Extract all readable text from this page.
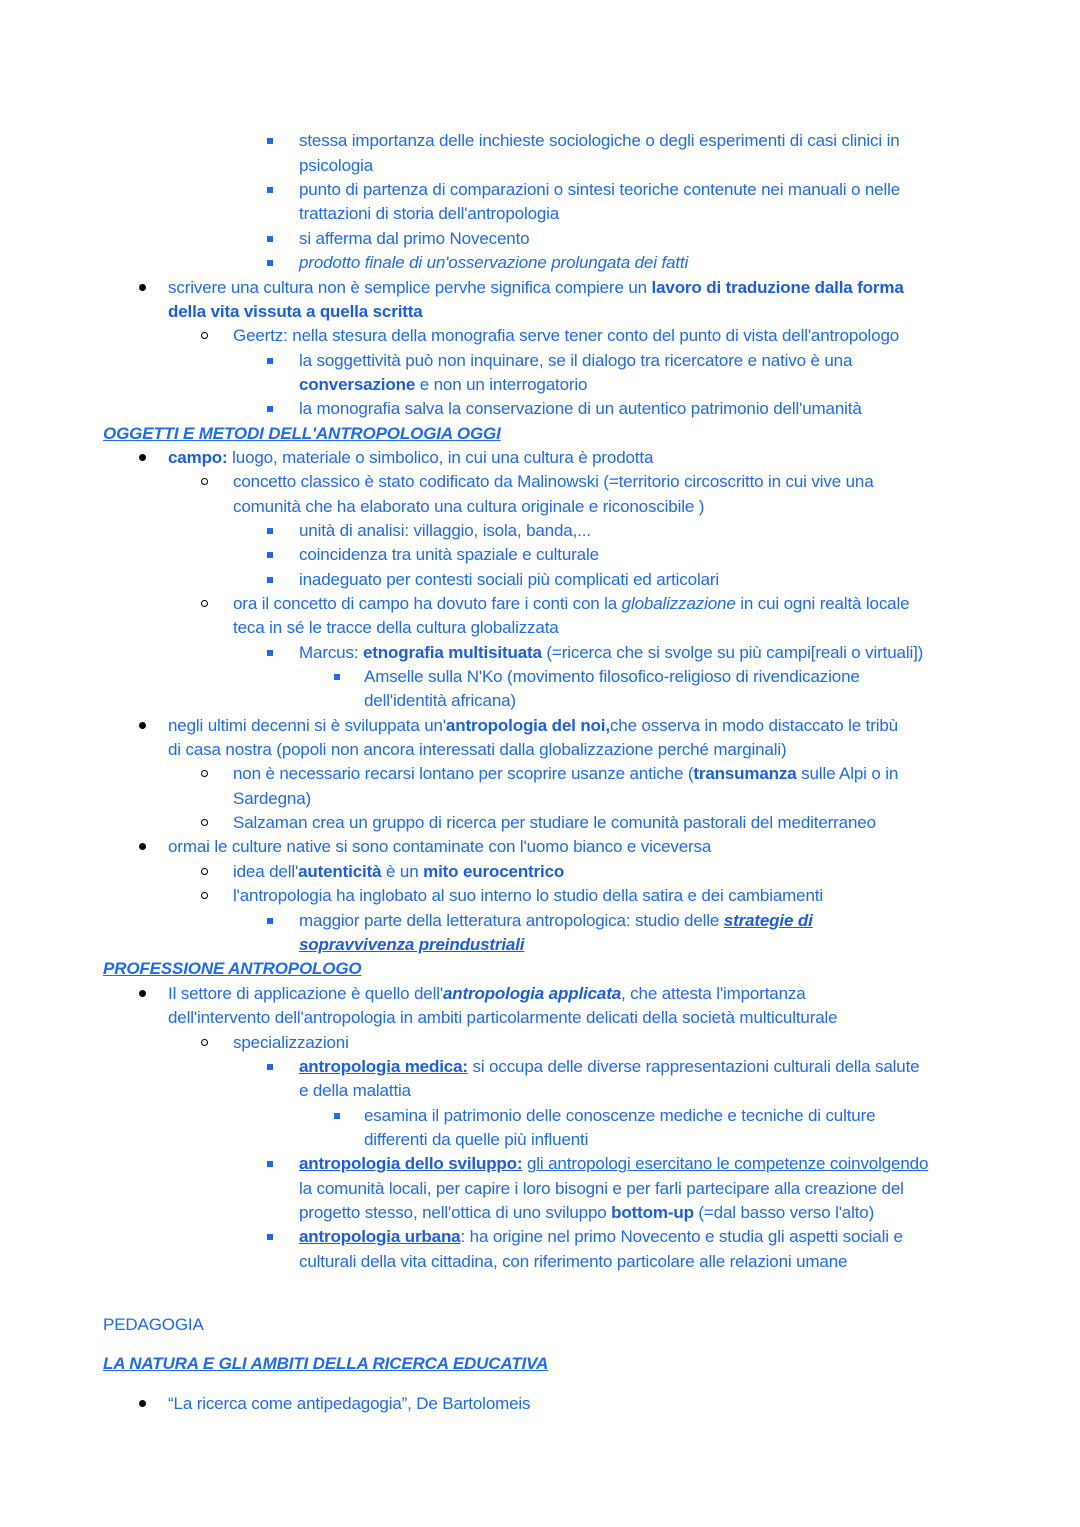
stessa importanza delle inchieste sociologiche o degli esperimenti di casi clinici in
psicologia
punto di partenza di comparazioni o sintesi teoriche contenute nei manuali o nelle
trattazioni di storia dell'antropologia
si afferma dal primo Novecento
prodotto finale di un'osservazione prolungata dei fatti
scrivere una cultura non è semplice pervhe significa compiere un lavoro di traduzione dalla forma
della vita vissuta a quella scritta
Geertz: nella stesura della monografia serve tener conto del punto di vista dell'antropologo
la soggettività può non inquinare, se il dialogo tra ricercatore e nativo è una
conversazione e non un interrogatorio
la monografia salva la conservazione di un autentico patrimonio dell'umanità
OGGETTI E METODI DELL'ANTROPOLOGIA OGGI
campo: luogo, materiale o simbolico, in cui una cultura è prodotta
concetto classico è stato codificato da Malinowski (=territorio circoscritto in cui vive una
comunità che ha elaborato una cultura originale e riconoscibile )
unità di analisi: villaggio, isola, banda,...
coincidenza tra unità spaziale e culturale
inadeguato per contesti sociali più complicati ed articolari
ora il concetto di campo ha dovuto fare i conti con la globalizzazione in cui ogni realtà locale
teca in sé le tracce della cultura globalizzata
Marcus: etnografia multisituata (=ricerca che si svolge su più campi[reali o virtuali])
Amselle sulla N'Ko (movimento filosofico-religioso di rivendicazione
dell'identità africana)
negli ultimi decenni si è sviluppata un'antropologia del noi,che osserva in modo distaccato le tribù
di casa nostra (popoli non ancora interessati dalla globalizzazione perché marginali)
non è necessario recarsi lontano per scoprire usanze antiche (transumanza sulle Alpi o in
Sardegna)
Salzaman crea un gruppo di ricerca per studiare le comunità pastorali del mediterraneo
ormai le culture native si sono contaminate con l'uomo bianco e viceversa
idea dell'autenticità è un mito eurocentrico
l'antropologia ha inglobato al suo interno lo studio della satira e dei cambiamenti
maggior parte della letteratura antropologica: studio delle strategie di
sopravvivenza preindustriali
PROFESSIONE ANTROPOLOGO
Il settore di applicazione è quello dell'antropologia applicata, che attesta l'importanza
dell'intervento dell'antropologia in ambiti particolarmente delicati della società multiculturale
specializzazioni
antropologia medica: si occupa delle diverse rappresentazioni culturali della salute
e della malattia
esamina il patrimonio delle conoscenze mediche e tecniche di culture
differenti da quelle più influenti
antropologia dello sviluppo: gli antropologi esercitano le competenze coinvolgendo
la comunità locali, per capire i loro bisogni e per farli partecipare alla creazione del
progetto stesso, nell'ottica di uno sviluppo bottom-up (=dal basso verso l'alto)
antropologia urbana: ha origine nel primo Novecento e studia gli aspetti sociali e
culturali della vita cittadina, con riferimento particolare alle relazioni umane
PEDAGOGIA
LA NATURA E GLI AMBITI DELLA RICERCA EDUCATIVA
“La ricerca come antipedagogia”, De Bartolomeis
